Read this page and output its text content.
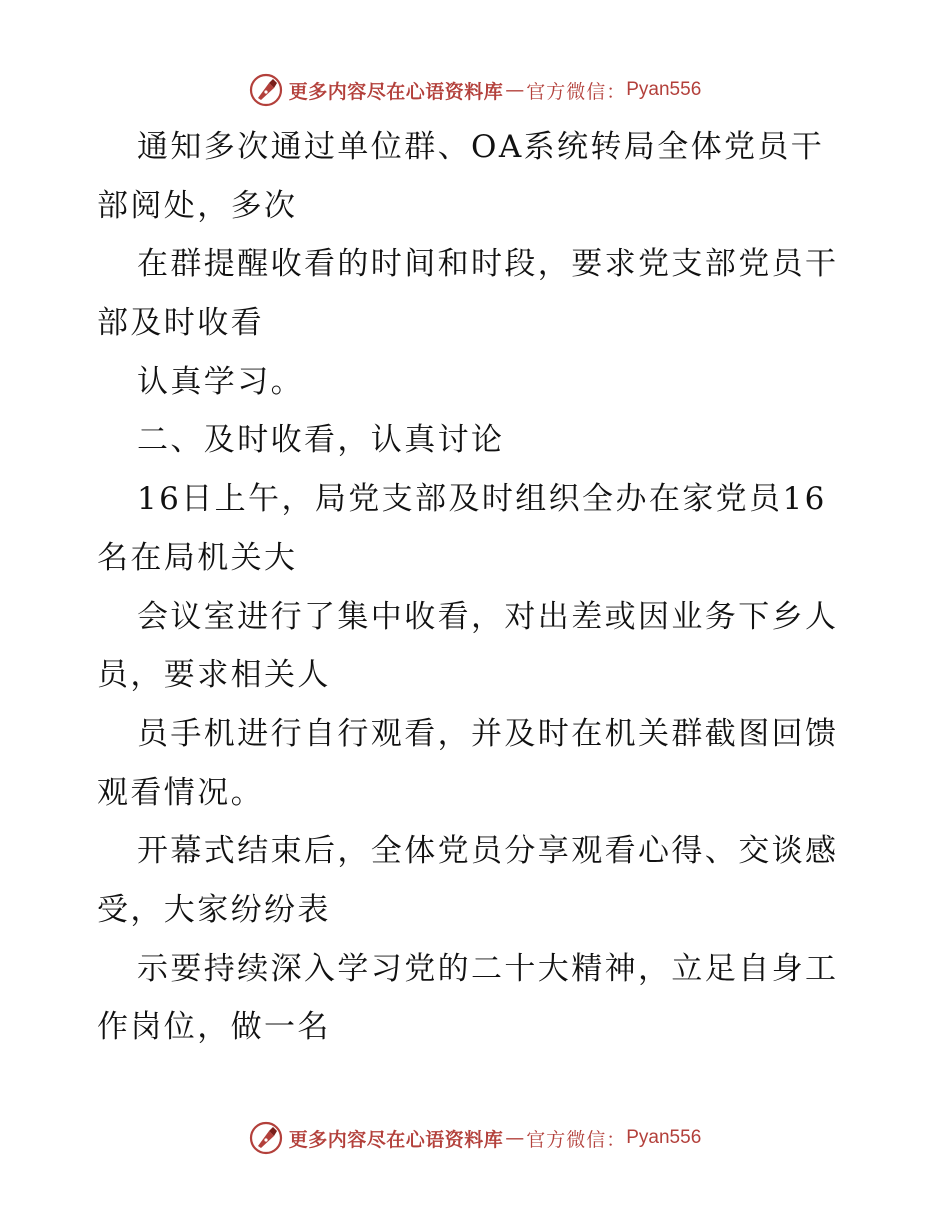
更多内容尽在心语资料库 — 官方微信： Pyan556
通知多次通过单位群、OA系统转局全体党员干
部阅处，多次
在群提醒收看的时间和时段，要求党支部党员干
部及时收看
认真学习。
二、及时收看，认真讨论
16日上午，局党支部及时组织全办在家党员16
名在局机关大
会议室进行了集中收看，对出差或因业务下乡人
员，要求相关人
员手机进行自行观看，并及时在机关群截图回馈
观看情况。
开幕式结束后，全体党员分享观看心得、交谈感
受，大家纷纷表
示要持续深入学习党的二十大精神，立足自身工
作岗位，做一名
更多内容尽在心语资料库 — 官方微信： Pyan556
